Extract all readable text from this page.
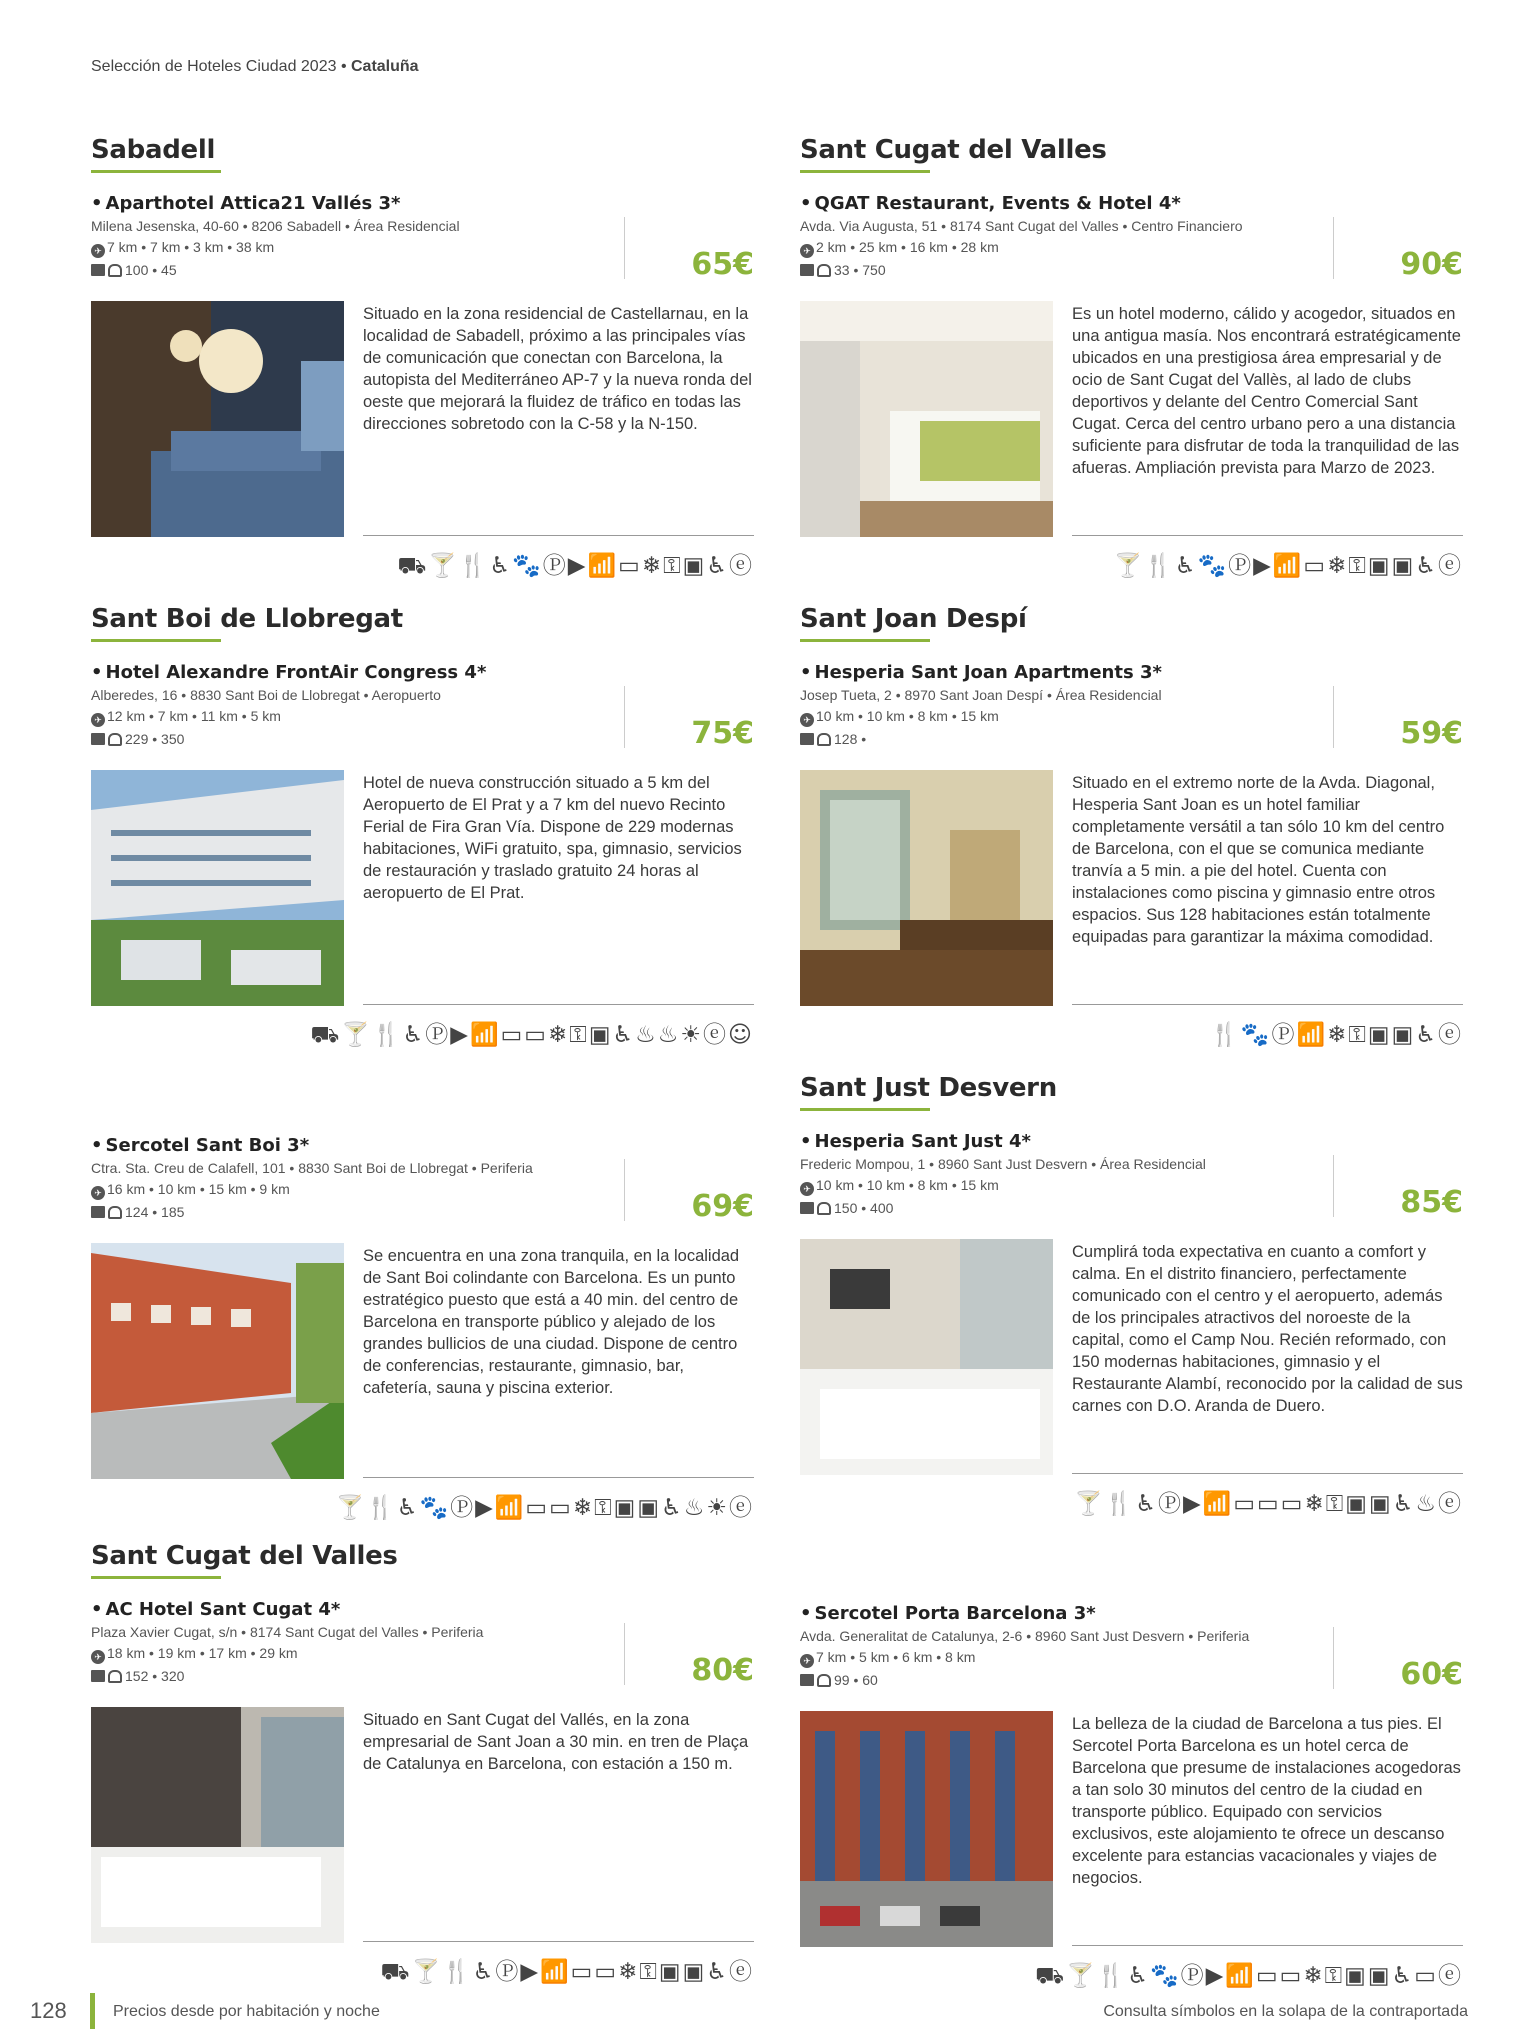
Selección de Hoteles Ciudad 2023 • Cataluña
Sabadell
• Aparthotel Attica21 Vallés 3*
Milena Jesenska, 40-60 • 8206 Sabadell • Área Residencial
✈ 7 km • 7 km • 3 km • 38 km
100 • 45	65€
Situado en la zona residencial de Castellarnau, en la localidad de Sabadell, próximo a las principales vías de comunicación que conectan con Barcelona, la autopista del Mediterráneo AP-7 y la nueva ronda del oeste que mejorará la fluidez de tráfico en todas las direcciones sobretodo con la C-58 y la N-150.
⛟🍸🍴♿🐾Ⓟ▶📶▭❄⚿▣♿ⓔ
Sant Cugat del Valles
• QGAT Restaurant, Events & Hotel 4*
Avda. Via Augusta, 51 • 8174 Sant Cugat del Valles • Centro Financiero
✈ 2 km • 25 km • 16 km • 28 km
33 • 750	90€
Es un hotel moderno, cálido y acogedor, situados en una antigua masía. Nos encontrará estratégicamente ubicados en una prestigiosa área empresarial y de ocio de Sant Cugat del Vallès, al lado de clubs deportivos y delante del Centro Comercial Sant Cugat. Cerca del centro urbano pero a una distancia suficiente para disfrutar de toda la tranquilidad de las afueras. Ampliación prevista para Marzo de 2023.
🍸🍴♿🐾Ⓟ▶📶▭❄⚿▣▣♿ⓔ
Sant Boi de Llobregat
• Hotel Alexandre FrontAir Congress 4*
Alberedes, 16 • 8830 Sant Boi de Llobregat • Aeropuerto
✈ 12 km • 7 km • 11 km • 5 km
229 • 350	75€
Hotel de nueva construcción situado a 5 km del Aeropuerto de El Prat y a 7 km del nuevo Recinto Ferial de Fira Gran Vía. Dispone de 229 modernas habitaciones, WiFi gratuito, spa, gimnasio, servicios de restauración y traslado gratuito 24 horas al aeropuerto de El Prat.
⛟🍸🍴♿Ⓟ▶📶▭▭❄⚿▣♿♨♨☀ⓔ☺
Sant Joan Despí
• Hesperia Sant Joan Apartments 3*
Josep Tueta, 2 • 8970 Sant Joan Despí • Área Residencial
✈ 10 km • 10 km • 8 km • 15 km
128 •	59€
Situado en el extremo norte de la Avda. Diagonal, Hesperia Sant Joan es un hotel familiar completamente versátil a tan sólo 10 km del centro de Barcelona, con el que se comunica mediante tranvía a 5 min. a pie del hotel. Cuenta con instalaciones como piscina y gimnasio entre otros espacios. Sus 128 habitaciones están totalmente equipadas para garantizar la máxima comodidad.
🍴🐾Ⓟ📶❄⚿▣▣♿ⓔ
• Sercotel Sant Boi 3*
Ctra. Sta. Creu de Calafell, 101 • 8830 Sant Boi de Llobregat • Periferia
✈ 16 km • 10 km • 15 km • 9 km
124 • 185	69€
Se encuentra en una zona tranquila, en la localidad de Sant Boi colindante con Barcelona. Es un punto estratégico puesto que está a 40 min. del centro de Barcelona en transporte público y alejado de los grandes bullicios de una ciudad. Dispone de centro de conferencias, restaurante, gimnasio, bar, cafetería, sauna y piscina exterior.
🍸🍴♿🐾Ⓟ▶📶▭▭❄⚿▣▣♿♨☀ⓔ
Sant Just Desvern
• Hesperia Sant Just 4*
Frederic Mompou, 1 • 8960 Sant Just Desvern • Área Residencial
✈ 10 km • 10 km • 8 km • 15 km
150 • 400	85€
Cumplirá toda expectativa en cuanto a comfort y calma. En el distrito financiero, perfectamente comunicado con el centro y el aeropuerto, además de los principales atractivos del noroeste de la capital, como el Camp Nou. Recién reformado, con 150 modernas habitaciones, gimnasio y el Restaurante Alambí, reconocido por la calidad de sus carnes con D.O. Aranda de Duero.
🍸🍴♿Ⓟ▶📶▭▭▭❄⚿▣▣♿♨ⓔ
Sant Cugat del Valles
• AC Hotel Sant Cugat 4*
Plaza Xavier Cugat, s/n • 8174 Sant Cugat del Valles • Periferia
✈ 18 km • 19 km • 17 km • 29 km
152 • 320	80€
Situado en Sant Cugat del Vallés, en la zona empresarial de Sant Joan a 30 min. en tren de Plaça de Catalunya en Barcelona, con estación a 150 m.
⛟🍸🍴♿Ⓟ▶📶▭▭❄⚿▣▣♿ⓔ
• Sercotel Porta Barcelona 3*
Avda. Generalitat de Catalunya, 2-6 • 8960 Sant Just Desvern • Periferia
✈ 7 km • 5 km • 6 km • 8 km
99 • 60	60€
La belleza de la ciudad de Barcelona a tus pies. El Sercotel Porta Barcelona es un hotel cerca de Barcelona que presume de instalaciones acogedoras a tan solo 30 minutos del centro de la ciudad en transporte público. Equipado con servicios exclusivos, este alojamiento te ofrece un descanso excelente para estancias vacacionales y viajes de negocios.
⛟🍸🍴♿🐾Ⓟ▶📶▭▭❄⚿▣▣♿▭ⓔ
128	Precios desde por habitación y noche	Consulta símbolos en la solapa de la contraportada
